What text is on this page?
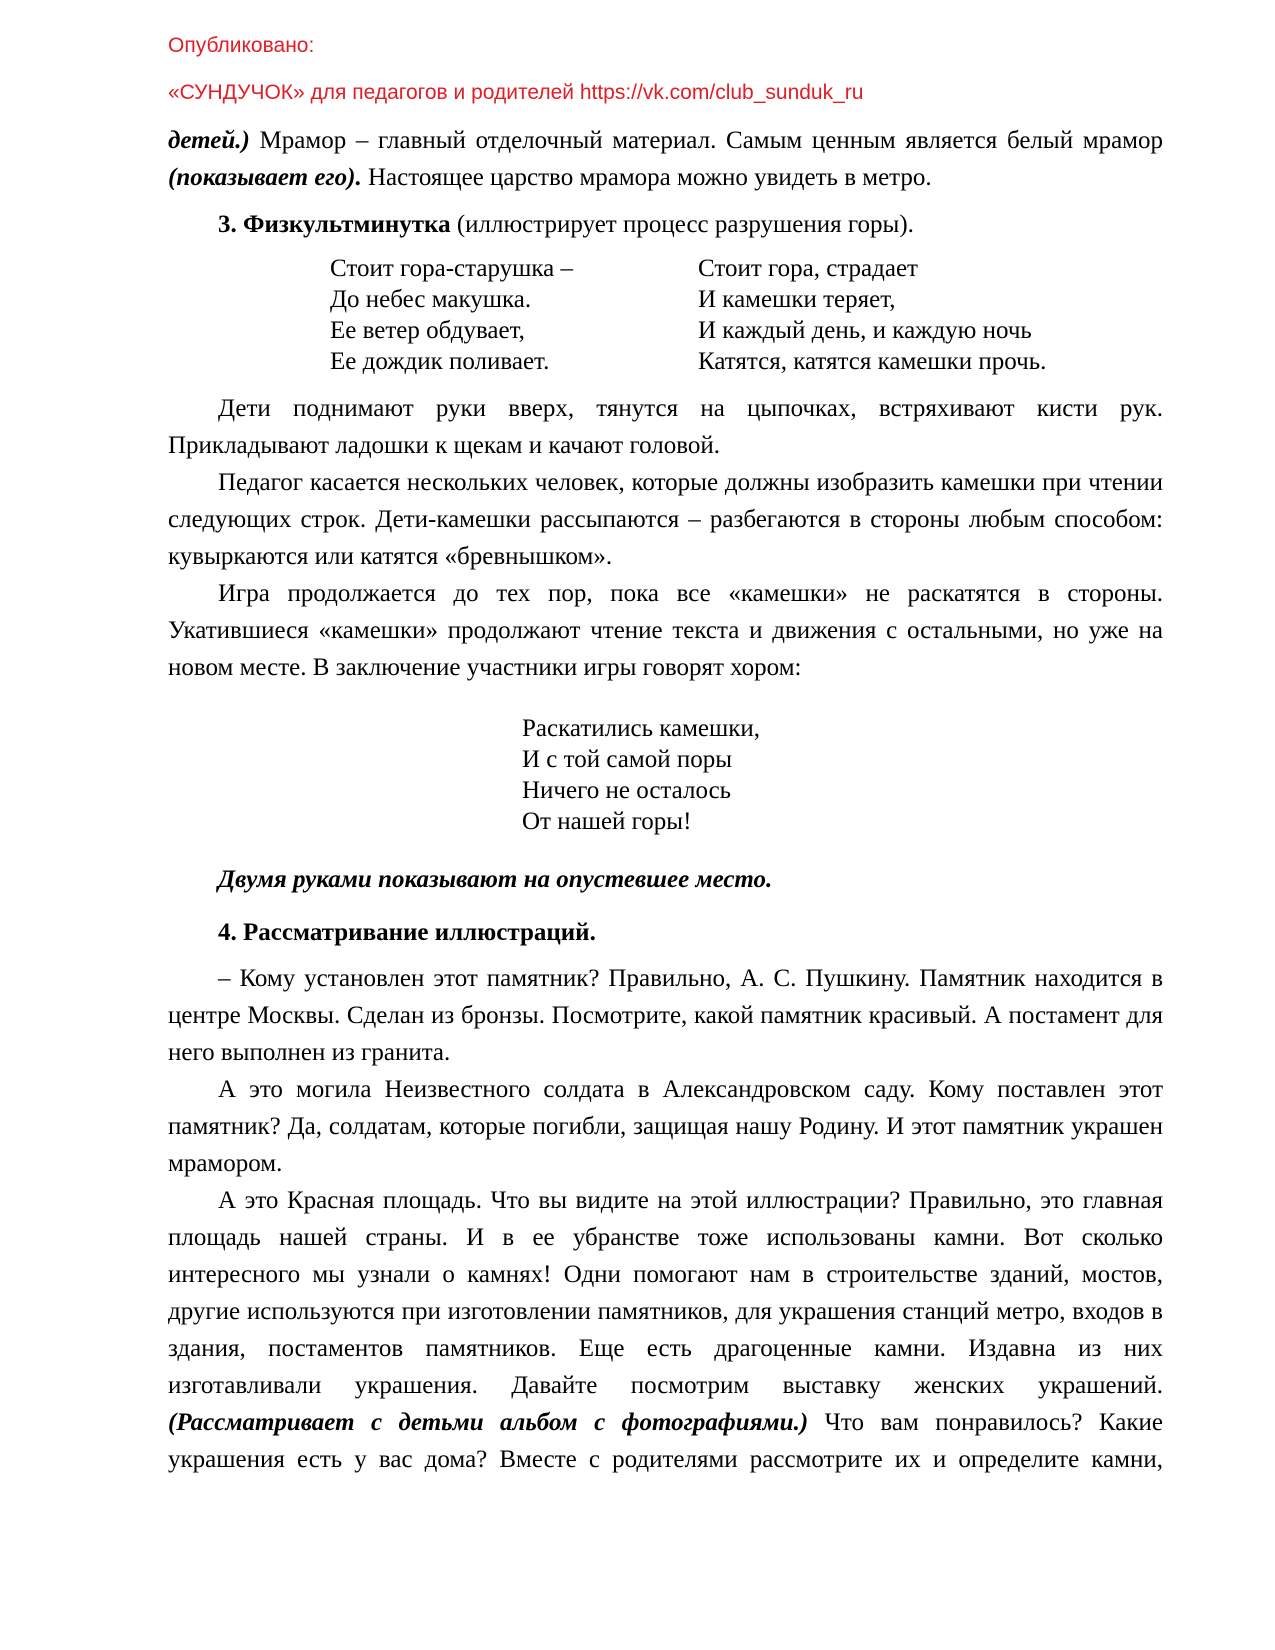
Опубликовано:
«СУНДУЧОК» для педагогов и родителей https://vk.com/club_sunduk_ru

детей.) Мрамор – главный отделочный материал. Самым ценным является белый мрамор (показывает его). Настоящее царство мрамора можно увидеть в метро.

3. Физкультминутка (иллюстрирует процесс разрушения горы).

Стоит гора-старушка –
До небес макушка.
Ее ветер обдувает,
Ее дождик поливает.
Стоит гора, страдает
И камешки теряет,
И каждый день, и каждую ночь
Катятся, катятся камешки прочь.

Дети поднимают руки вверх, тянутся на цыпочках, встряхивают кисти рук. Прикладывают ладошки к щекам и качают головой.

Педагог касается нескольких человек, которые должны изобразить камешки при чтении следующих строк. Дети-камешки рассыпаются – разбегаются в стороны любым способом: кувыркаются или катятся «бревнышком».

Игра продолжается до тех пор, пока все «камешки» не раскатятся в стороны. Укатившиеся «камешки» продолжают чтение текста и движения с остальными, но уже на новом месте. В заключение участники игры говорят хором:

Раскатились камешки,
И с той самой поры
Ничего не осталось
От нашей горы!

Двумя руками показывают на опустевшее место.

4. Рассматривание иллюстраций.

– Кому установлен этот памятник? Правильно, А. С. Пушкину. Памятник находится в центре Москвы. Сделан из бронзы. Посмотрите, какой памятник красивый. А постамент для него выполнен из гранита.

А это могила Неизвестного солдата в Александровском саду. Кому поставлен этот памятник? Да, солдатам, которые погибли, защищая нашу Родину. И этот памятник украшен мрамором.

А это Красная площадь. Что вы видите на этой иллюстрации? Правильно, это главная площадь нашей страны. И в ее убранстве тоже использованы камни. Вот сколько интересного мы узнали о камнях! Одни помогают нам в строительстве зданий, мостов, другие используются при изготовлении памятников, для украшения станций метро, входов в здания, постаментов памятников. Еще есть драгоценные камни. Издавна из них изготавливали украшения. Давайте посмотрим выставку женских украшений. (Рассматривает с детьми альбом с фотографиями.) Что вам понравилось? Какие украшения есть у вас дома? Вместе с родителями рассмотрите их и определите камни,
